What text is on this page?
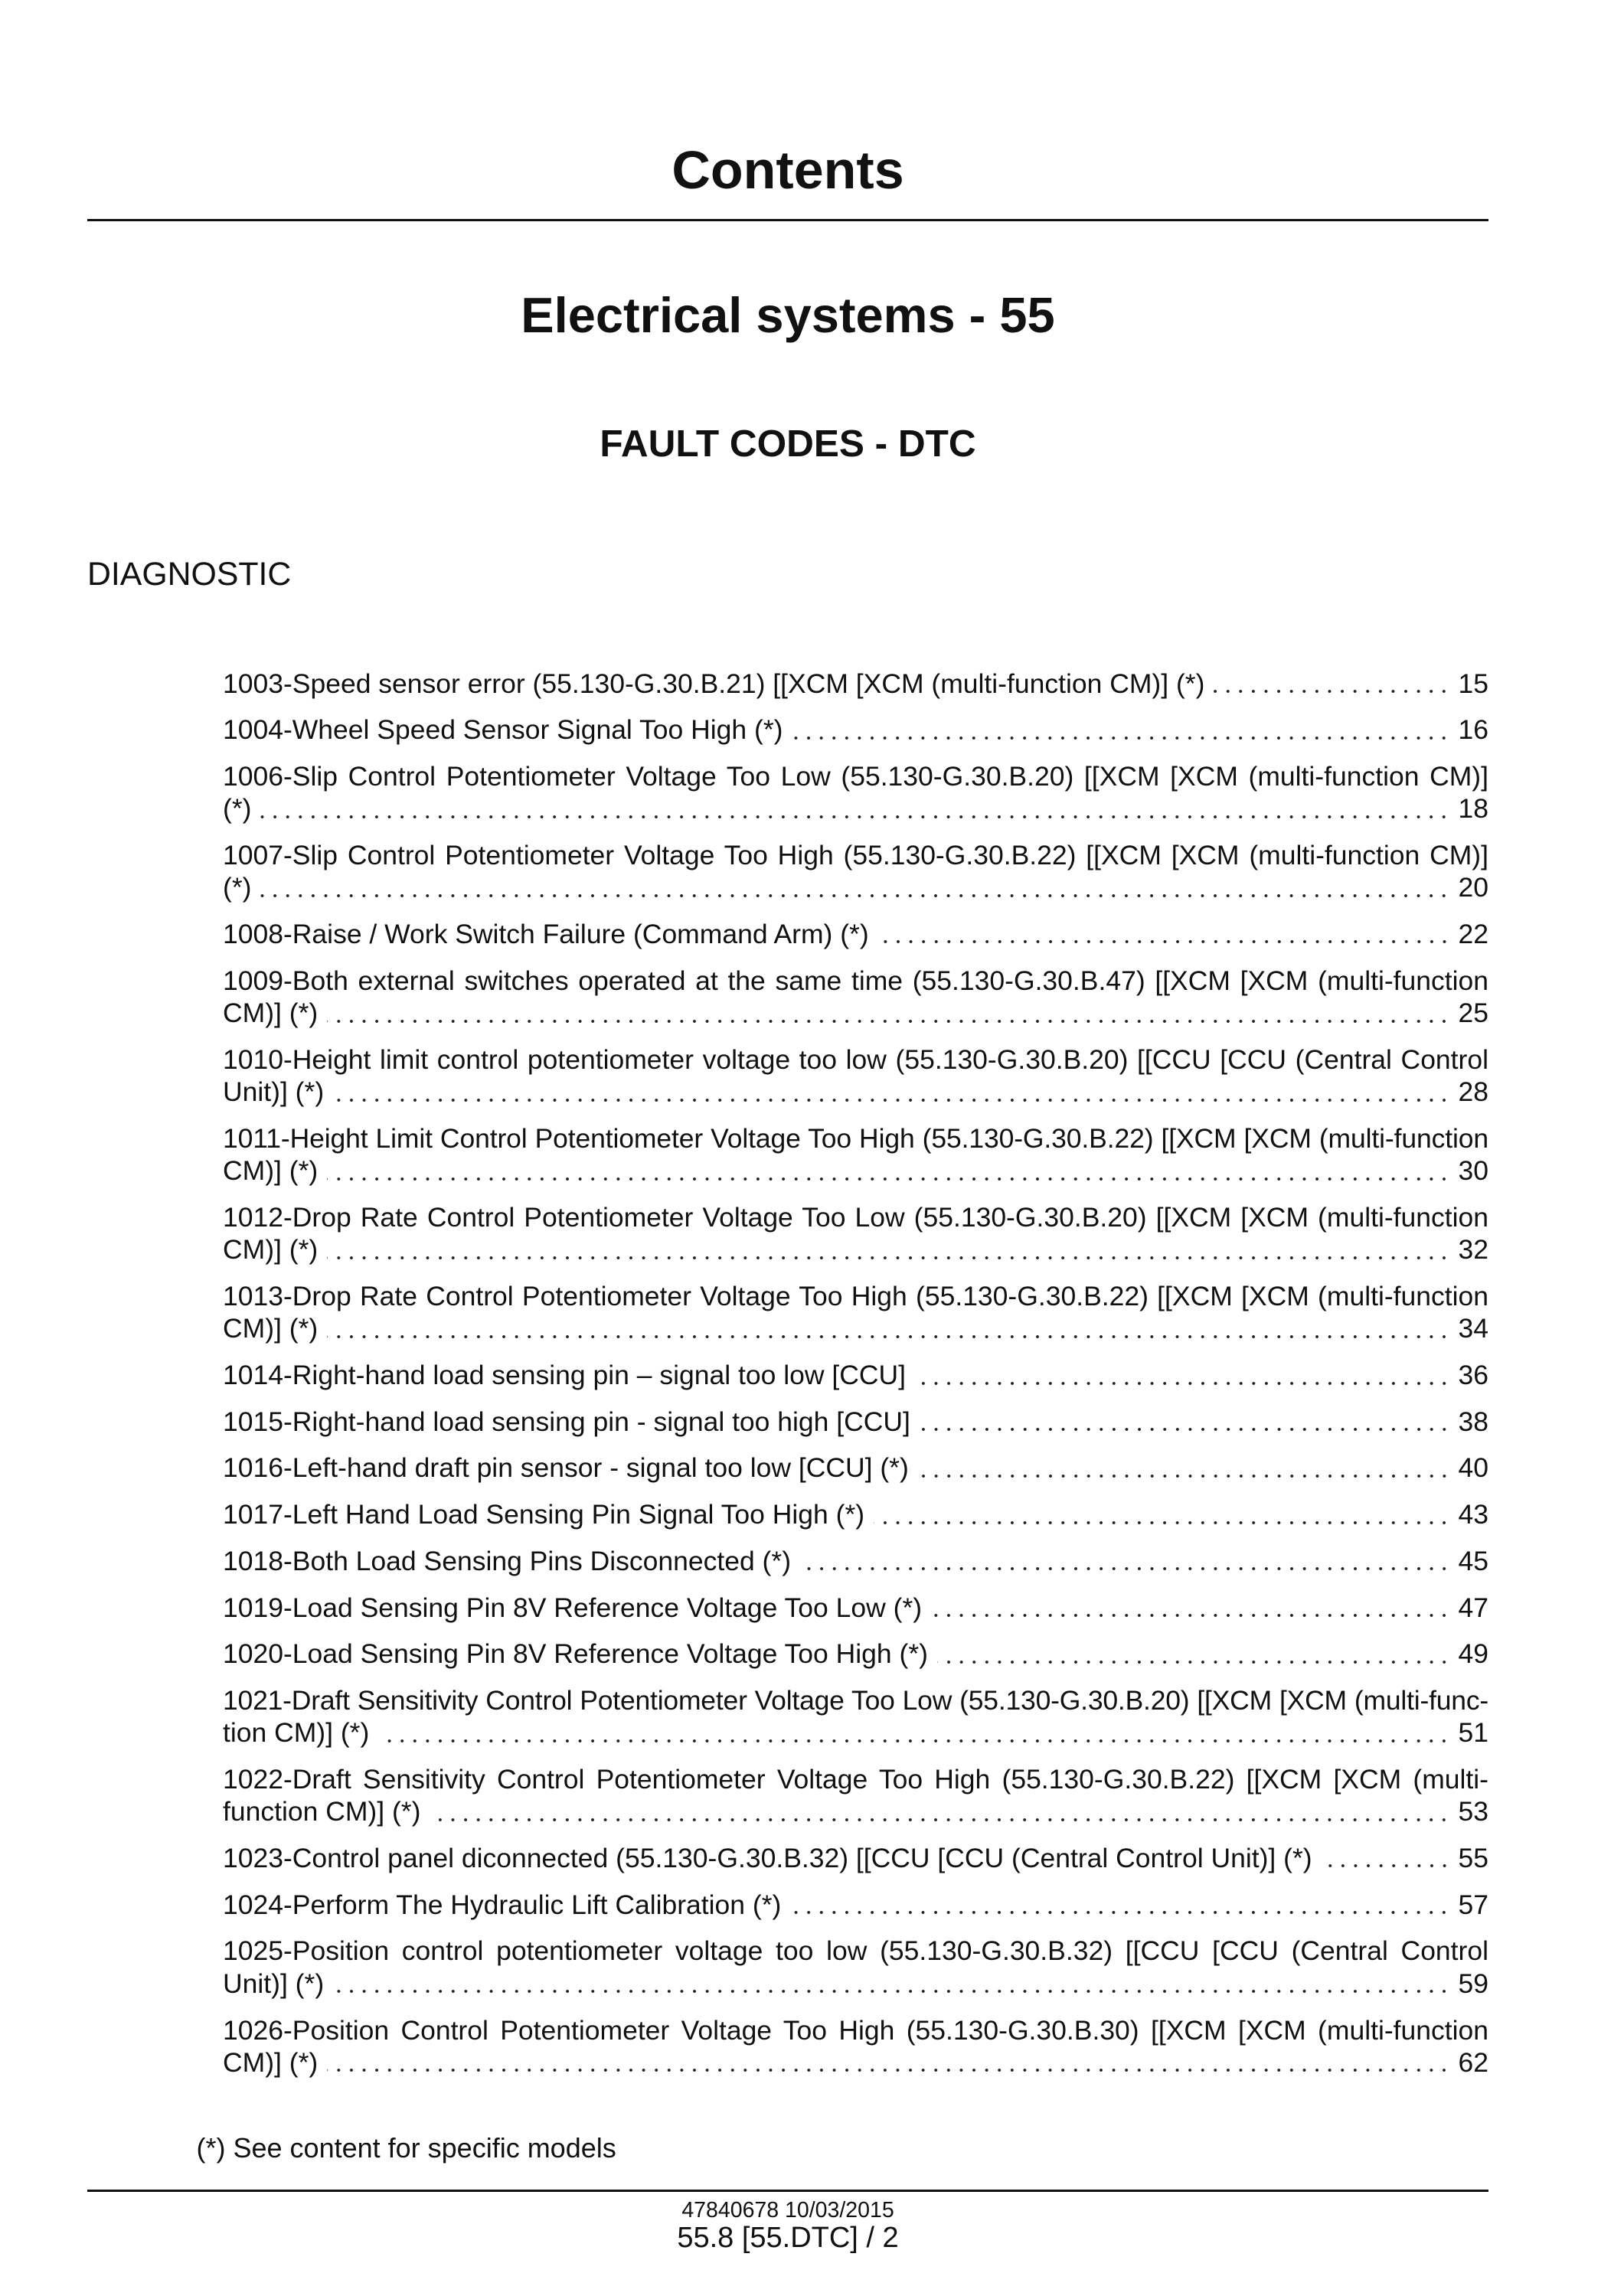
Contents
Electrical systems - 55
FAULT CODES - DTC
DIAGNOSTIC
1003-Speed sensor error (55.130-G.30.B.21) [[XCM [XCM (multi-function CM)] (*)	15
1004-Wheel Speed Sensor Signal Too High (*)	16
1006-Slip Control Potentiometer Voltage Too Low (55.130-G.30.B.20) [[XCM [XCM (multi-function CM)]
(*)	18
1007-Slip Control Potentiometer Voltage Too High (55.130-G.30.B.22) [[XCM [XCM (multi-function CM)]
(*)	20
1008-Raise / Work Switch Failure (Command Arm) (*)	22
1009-Both external switches operated at the same time (55.130-G.30.B.47) [[XCM [XCM (multi-function
CM)] (*)	25
1010-Height limit control potentiometer voltage too low (55.130-G.30.B.20) [[CCU [CCU (Central Control
Unit)] (*)	28
1011-Height Limit Control Potentiometer Voltage Too High (55.130-G.30.B.22) [[XCM [XCM (multi-function
CM)] (*)	30
1012-Drop Rate Control Potentiometer Voltage Too Low (55.130-G.30.B.20) [[XCM [XCM (multi-function
CM)] (*)	32
1013-Drop Rate Control Potentiometer Voltage Too High (55.130-G.30.B.22) [[XCM [XCM (multi-function
CM)] (*)	34
1014-Right-hand load sensing pin – signal too low [CCU]	36
1015-Right-hand load sensing pin - signal too high [CCU]	38
1016-Left-hand draft pin sensor - signal too low [CCU] (*)	40
1017-Left Hand Load Sensing Pin Signal Too High (*)	43
1018-Both Load Sensing Pins Disconnected (*)	45
1019-Load Sensing Pin 8V Reference Voltage Too Low (*)	47
1020-Load Sensing Pin 8V Reference Voltage Too High (*)	49
1021-Draft Sensitivity Control Potentiometer Voltage Too Low (55.130-G.30.B.20) [[XCM [XCM (multi-func-
tion CM)] (*)	51
1022-Draft Sensitivity Control Potentiometer Voltage Too High (55.130-G.30.B.22) [[XCM [XCM (multi-
function CM)] (*)	53
1023-Control panel diconnected (55.130-G.30.B.32) [[CCU [CCU (Central Control Unit)] (*)	55
1024-Perform The Hydraulic Lift Calibration (*)	57
1025-Position control potentiometer voltage too low (55.130-G.30.B.32) [[CCU [CCU (Central Control
Unit)] (*)	59
1026-Position Control Potentiometer Voltage Too High (55.130-G.30.B.30) [[XCM [XCM (multi-function
CM)] (*)	62
(*) See content for specific models
47840678 10/03/2015
55.8 [55.DTC] / 2
